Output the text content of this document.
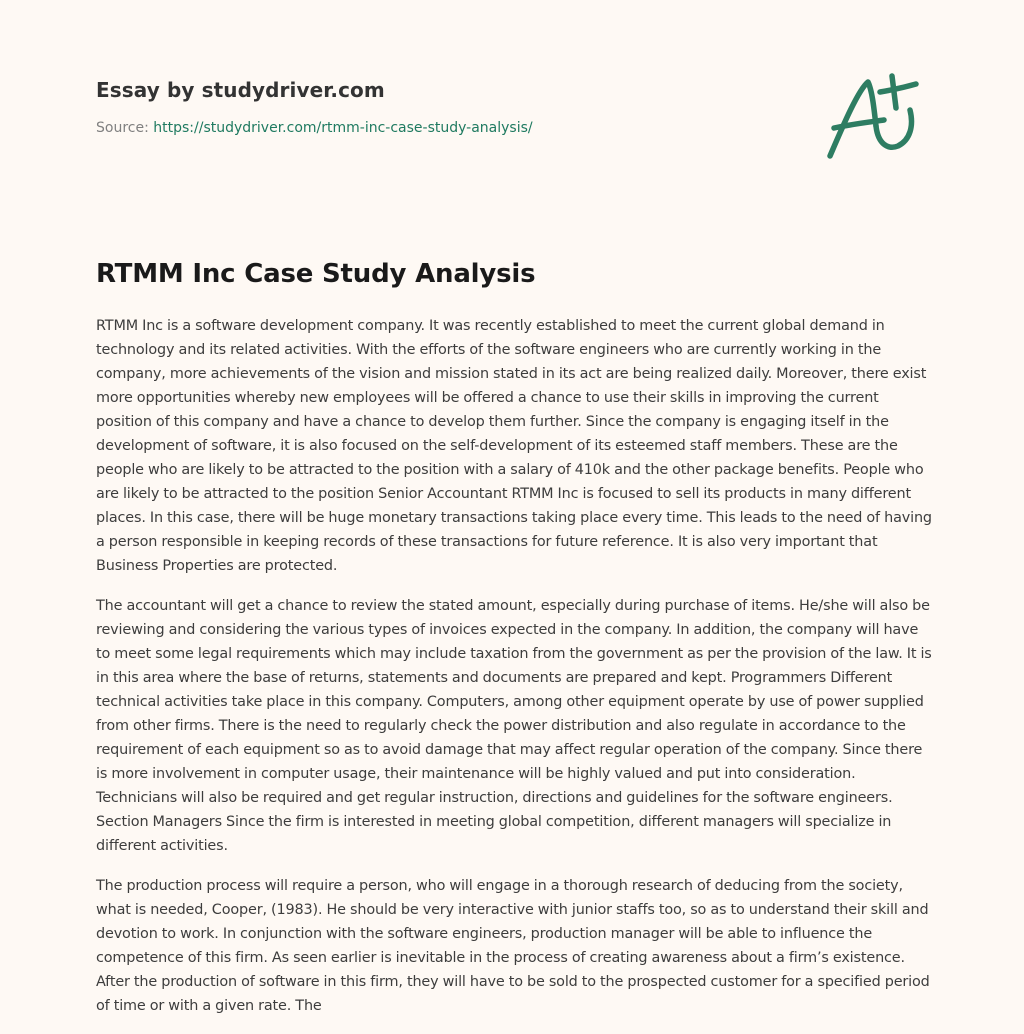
Essay by studydriver.com
Source: https://studydriver.com/rtmm-inc-case-study-analysis/
RTMM Inc Case Study Analysis

RTMM Inc is a software development company. It was recently established to meet the current global demand in technology and its related activities. With the efforts of the software engineers who are currently working in the company, more achievements of the vision and mission stated in its act are being realized daily. Moreover, there exist more opportunities whereby new employees will be offered a chance to use their skills in improving the current position of this company and have a chance to develop them further. Since the company is engaging itself in the development of software, it is also focused on the self-development of its esteemed staff members. These are the people who are likely to be attracted to the position with a salary of 410k and the other package benefits. People who are likely to be attracted to the position Senior Accountant RTMM Inc is focused to sell its products in many different places. In this case, there will be huge monetary transactions taking place every time. This leads to the need of having a person responsible in keeping records of these transactions for future reference. It is also very important that Business Properties are protected.

The accountant will get a chance to review the stated amount, especially during purchase of items. He/she will also be reviewing and considering the various types of invoices expected in the company. In addition, the company will have to meet some legal requirements which may include taxation from the government as per the provision of the law. It is in this area where the base of returns, statements and documents are prepared and kept. Programmers Different technical activities take place in this company. Computers, among other equipment operate by use of power supplied from other firms. There is the need to regularly check the power distribution and also regulate in accordance to the requirement of each equipment so as to avoid damage that may affect regular operation of the company. Since there is more involvement in computer usage, their maintenance will be highly valued and put into consideration. Technicians will also be required and get regular instruction, directions and guidelines for the software engineers. Section Managers Since the firm is interested in meeting global competition, different managers will specialize in different activities.

The production process will require a person, who will engage in a thorough research of deducing from the society, what is needed, Cooper, (1983). He should be very interactive with junior staffs too, so as to understand their skill and devotion to work. In conjunction with the software engineers, production manager will be able to influence the competence of this firm. As seen earlier is inevitable in the process of creating awareness about a firm’s existence. After the production of software in this firm, they will have to be sold to the prospected customer for a specified period of time or with a given rate. The
